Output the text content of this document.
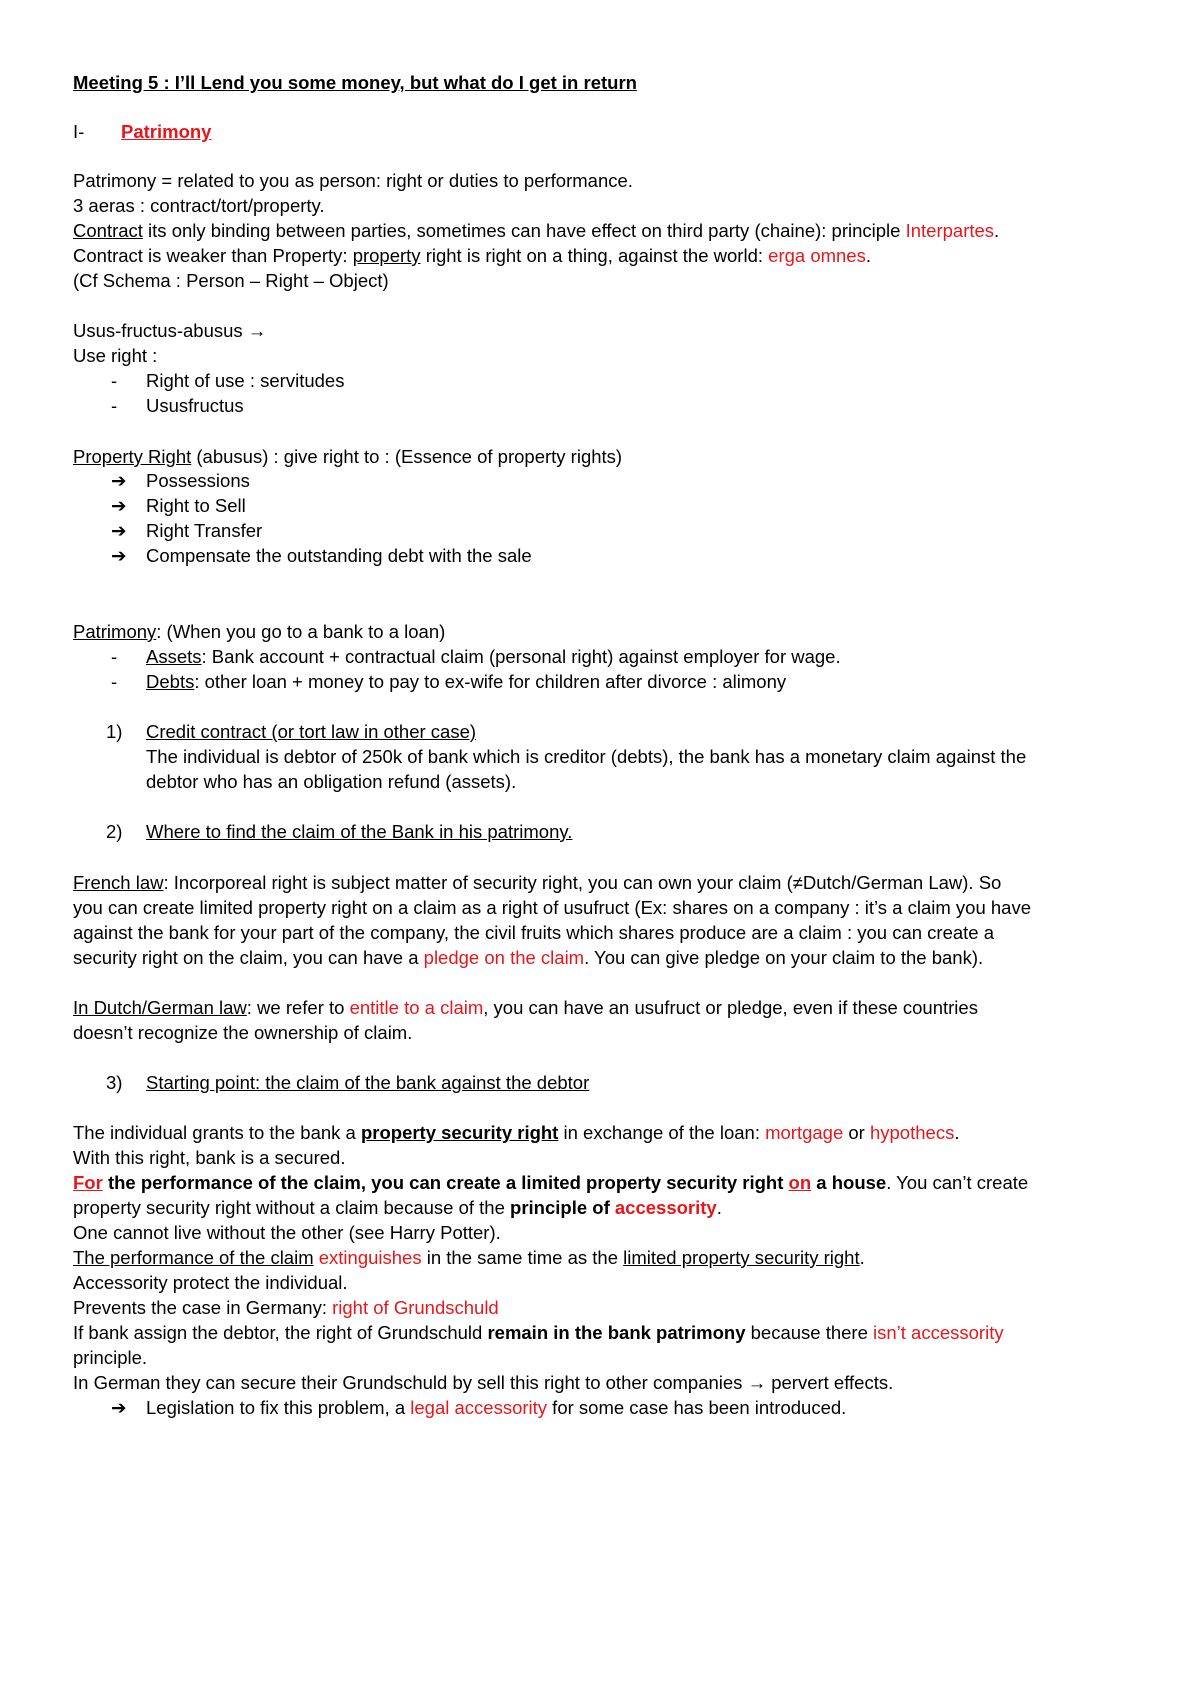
Meeting 5 : I’ll Lend you some money, but what do I get in return
I- Patrimony
Patrimony = related to you as person: right or duties to performance.
3 aeras : contract/tort/property.
Contract its only binding between parties, sometimes can have effect on third party (chaine): principle Interpartes.
Contract is weaker than Property: property right is right on a thing, against the world: erga omnes.
(Cf Schema : Person – Right – Object)
Usus-fructus-abusus →
Use right :
- Right of use : servitudes
- Ususfructus
Property Right (abusus) : give right to : (Essence of property rights)
➔ Possessions
➔ Right to Sell
➔ Right Transfer
➔ Compensate the outstanding debt with the sale
Patrimony: (When you go to a bank to a loan)
- Assets: Bank account + contractual claim (personal right) against employer for wage.
- Debts: other loan + money to pay to ex-wife for children after divorce : alimony
1) Credit contract (or tort law in other case)
The individual is debtor of 250k of bank which is creditor (debts), the bank has a monetary claim against the
debtor who has an obligation refund (assets).
2) Where to find the claim of the Bank in his patrimony.
French law: Incorporeal right is subject matter of security right, you can own your claim (≠Dutch/German Law). So
you can create limited property right on a claim as a right of usufruct (Ex: shares on a company : it’s a claim you have
against the bank for your part of the company, the civil fruits which shares produce are a claim : you can create a
security right on the claim, you can have a pledge on the claim. You can give pledge on your claim to the bank).
In Dutch/German law: we refer to entitle to a claim, you can have an usufruct or pledge, even if these countries
doesn’t recognize the ownership of claim.
3) Starting point: the claim of the bank against the debtor
The individual grants to the bank a property security right in exchange of the loan: mortgage or hypothecs.
With this right, bank is a secured.
For the performance of the claim, you can create a limited property security right on a house. You can’t create
property security right without a claim because of the principle of accessority.
One cannot live without the other (see Harry Potter).
The performance of the claim extinguishes in the same time as the limited property security right.
Accessority protect the individual.
Prevents the case in Germany: right of Grundschuld
If bank assign the debtor, the right of Grundschuld remain in the bank patrimony because there isn’t accessority
principle.
In German they can secure their Grundschuld by sell this right to other companies → pervert effects.
➔ Legislation to fix this problem, a legal accessority for some case has been introduced.
